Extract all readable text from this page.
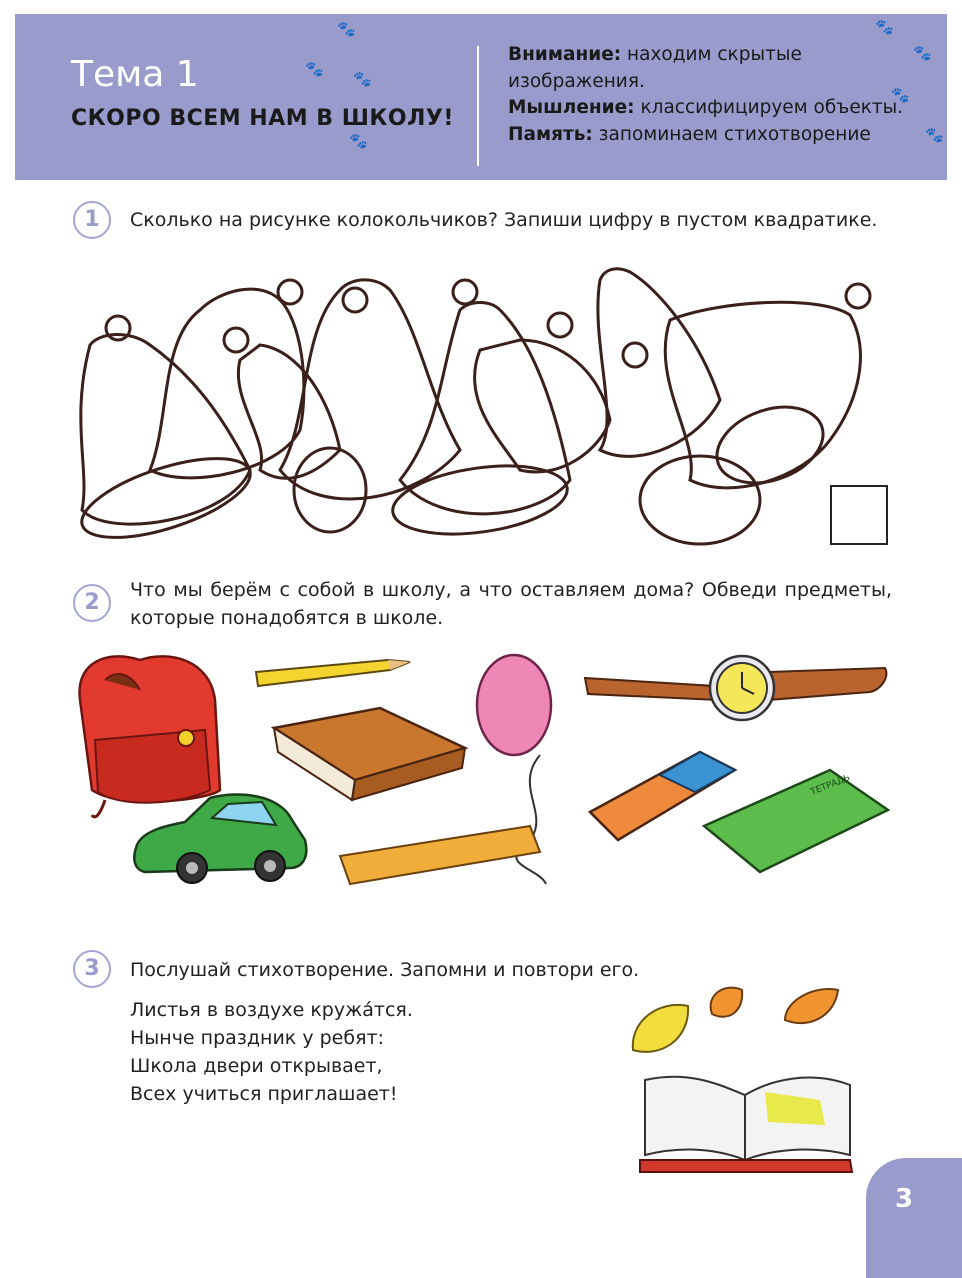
Тема 1
СКОРО ВСЕМ НАМ В ШКОЛУ!
Внимание: находим скрытые изображения.
Мышление: классифицируем объекты.
Память: запоминаем стихотворение
🐾
🐾
🐾
🐾
🐾
🐾
🐾
🐾
1	Сколько на рисунке колокольчиков? Запиши цифру в пустом квадратике.
2	Что мы берём с собой в школу, а что оставляем дома? Обведи предметы, которые понадобятся в школе.
ТЕТРАДЬ
3	Послушай стихотворение. Запомни и повтори его.
Листья в воздухе кружа́тся.
Нынче праздник у ребят:
Школа двери открывает,
Всех учиться приглашает!
3
